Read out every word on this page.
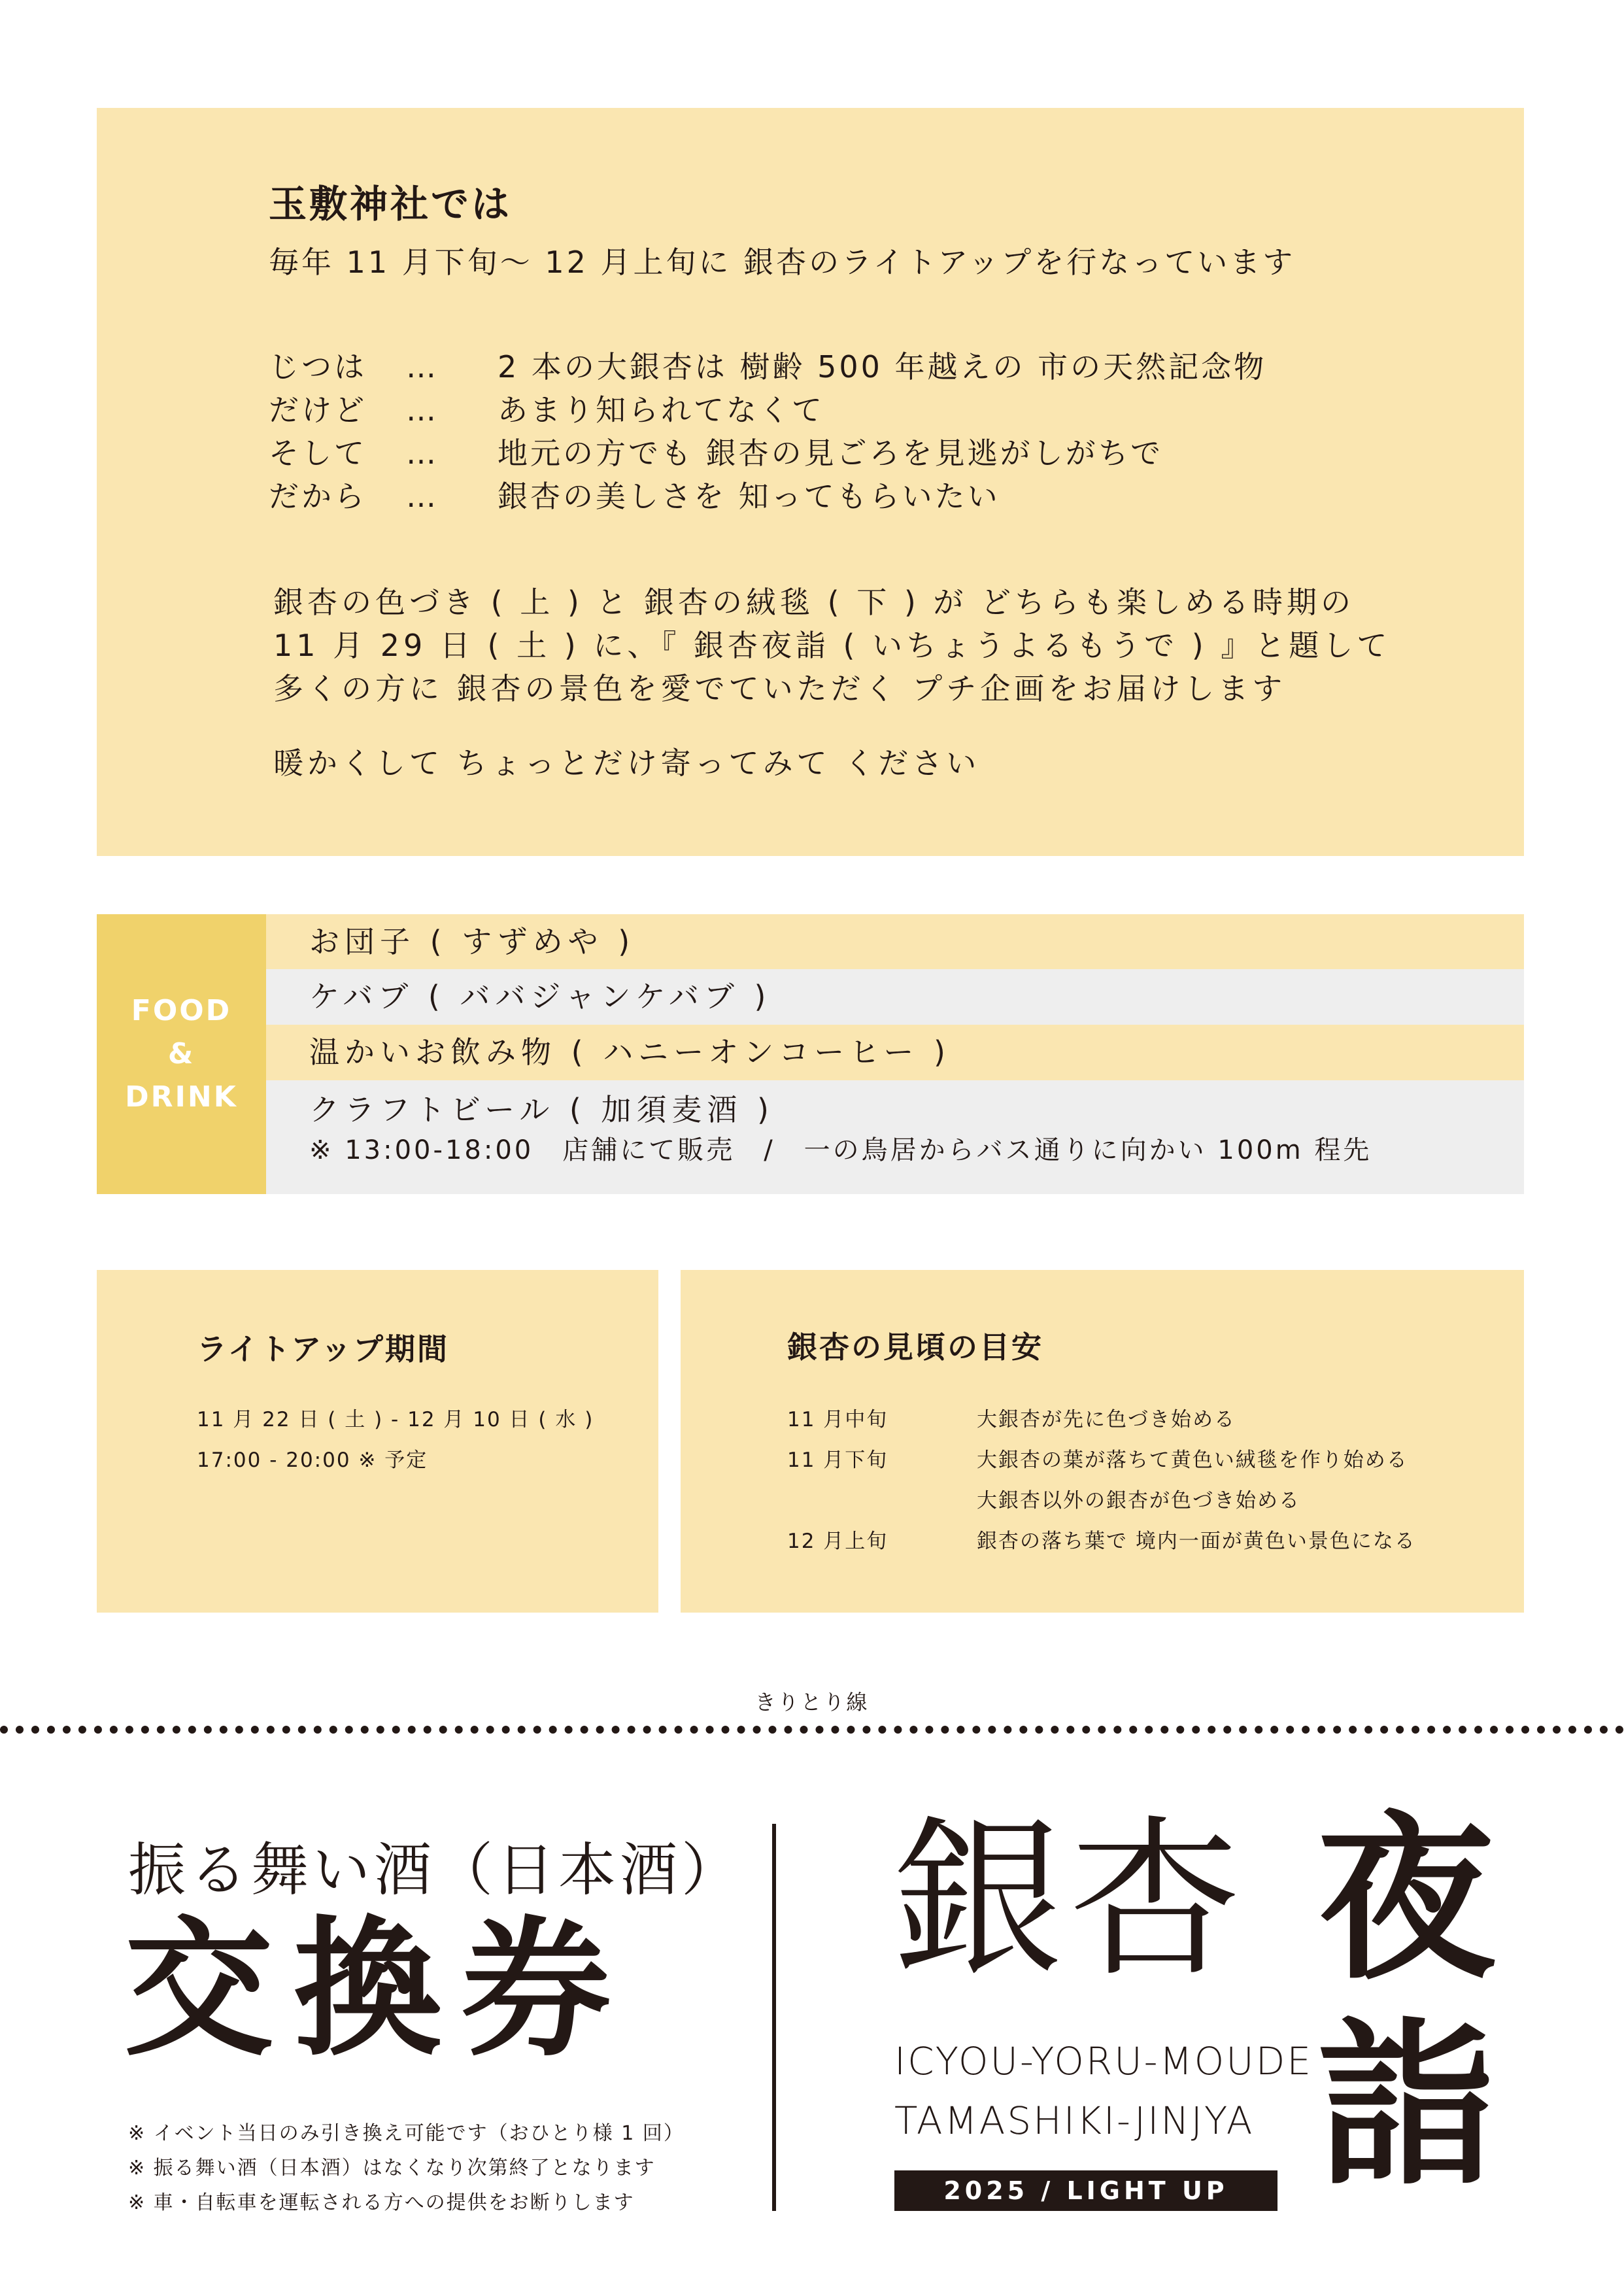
玉敷神社では
毎年 11 月下旬〜 12 月上旬に 銀杏のライトアップを行なっています
じつは … 2 本の大銀杏は 樹齢 500 年越えの 市の天然記念物
だけど … あまり知られてなくて
そして … 地元の方でも 銀杏の見ごろを見逃がしがちで
だから … 銀杏の美しさを 知ってもらいたい
銀杏の色づき ( 上 ) と 銀杏の絨毯 ( 下 ) が どちらも楽しめる時期の
11 月 29 日 ( 土 ) に、『 銀杏夜詣 ( いちょうよるもうで ) 』と題して
多くの方に 銀杏の景色を愛でていただく プチ企画をお届けします
暖かくして ちょっとだけ寄ってみて ください
FOOD
&
DRINK
お団子 ( すずめや )
ケバブ ( ババジャンケバブ )
温かいお飲み物 ( ハニーオンコーヒー )
クラフトビール ( 加須麦酒 )
※ 13:00-18:00　店舗にて販売　/　一の鳥居からバス通りに向かい 100m 程先
ライトアップ期間
11 月 22 日 ( 土 ) - 12 月 10 日 ( 水 )
17:00 - 20:00 ※ 予定
銀杏の見頃の目安
11 月中旬	大銀杏が先に色づき始める
11 月下旬	大銀杏の葉が落ちて黄色い絨毯を作り始める
大銀杏以外の銀杏が色づき始める
12 月上旬	銀杏の落ち葉で 境内一面が黄色い景色になる
きりとり線
振る舞い酒（日本酒）
交換券
※ イベント当日のみ引き換え可能です（おひとり様 1 回）
※ 振る舞い酒（日本酒）はなくなり次第終了となります
※ 車・自転車を運転される方への提供をお断りします
銀杏 夜
詣
ICYOU-YORU-MOUDE
TAMASHIKI-JINJYA
2025 / LIGHT UP
